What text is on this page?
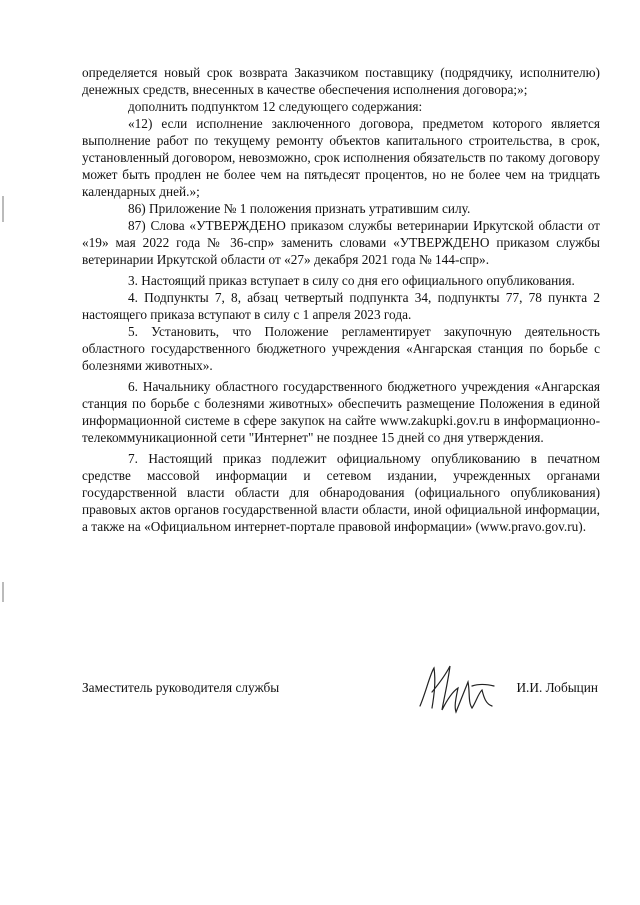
определяется новый срок возврата Заказчиком поставщику (подрядчику, исполнителю) денежных средств, внесенных в качестве обеспечения исполнения договора;»;

дополнить подпунктом 12 следующего содержания:

«12) если исполнение заключенного договора, предметом которого является выполнение работ по текущему ремонту объектов капитального строительства, в срок, установленный договором, невозможно, срок исполнения обязательств по такому договору может быть продлен не более чем на пятьдесят процентов, но не более чем на тридцать календарных дней.»;

86) Приложение № 1 положения признать утратившим силу.

87) Слова «УТВЕРЖДЕНО приказом службы ветеринарии Иркутской области от «19» мая 2022 года № 36-спр» заменить словами «УТВЕРЖДЕНО приказом службы ветеринарии Иркутской области от «27» декабря 2021 года № 144-спр».

3. Настоящий приказ вступает в силу со дня его официального опубликования.

4. Подпункты 7, 8, абзац четвертый подпункта 34, подпункты 77, 78 пункта 2 настоящего приказа вступают в силу с 1 апреля 2023 года.

5. Установить, что Положение регламентирует закупочную деятельность областного государственного бюджетного учреждения «Ангарская станция по борьбе с болезнями животных».

6. Начальнику областного государственного бюджетного учреждения «Ангарская станция по борьбе с болезнями животных» обеспечить размещение Положения в единой информационной системе в сфере закупок на сайте www.zakupki.gov.ru в информационно-телекоммуникационной сети "Интернет" не позднее 15 дней со дня утверждения.

7. Настоящий приказ подлежит официальному опубликованию в печатном средстве массовой информации и сетевом издании, учрежденных органами государственной власти области для обнародования (официального опубликования) правовых актов органов государственной власти области, иной официальной информации, а также на «Официальном интернет-портале правовой информации» (www.pravo.gov.ru).

Заместитель руководителя службы	И.И. Лобыцин
